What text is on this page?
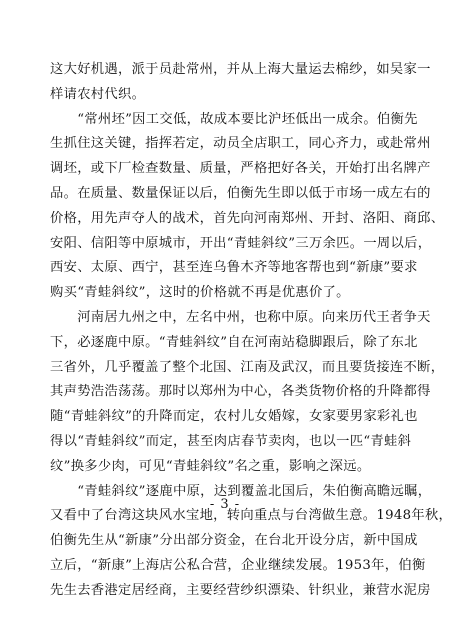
这大好机遇，派于员赴常州，并从上海大量运去棉纱，如吴家一
样请农村代织。
　　“常州坯”因工交低，故成本要比沪坯低出一成余。伯衡先
生抓住这关键，指挥若定，动员全店职工，同心齐力，或赴常州
调坯，或下厂检查数量、质量，严格把好各关，开始打出名牌产
品。在质量、数量保证以后，伯衡先生即以低于市场一成左右的
价格，用先声夺人的战术，首先向河南郑州、开封、洛阳、商邱、
安阳、信阳等中原城市，开出“青蛙斜纹”三万余匹。一周以后，
西安、太原、西宁，甚至连乌鲁木齐等地客帮也到“新康”要求
购买“青蛙斜纹”，这时的价格就不再是优惠价了。
　　河南居九州之中，左名中州，也称中原。向来历代王者争天
下，必逐鹿中原。“青蛙斜纹”自在河南站稳脚跟后，除了东北
三省外，几乎覆盖了整个北国、江南及武汉，而且要货接连不断，
其声势浩浩荡荡。那时以郑州为中心，各类货物价格的升降都得
随“青蛙斜纹”的升降而定，农村儿女婚嫁，女家要男家彩礼也
得以“青蛙斜纹”而定，甚至肉店春节卖肉，也以一匹“青蛙斜
纹”换多少肉，可见“青蛙斜纹”名之重，影响之深远。
　　“青蛙斜纹”逐鹿中原，达到覆盖北国后，朱伯衡高瞻远瞩，
又看中了台湾这块风水宝地，转向重点与台湾做生意。1948年秋，
伯衡先生从“新康”分出部分资金，在台北开设分店，新中国成
立后，“新康”上海店公私合营，企业继续发展。1953年，伯衡
先生去香港定居经商，主要经营纱织漂染、针织业，兼营水泥房
- 3 -
